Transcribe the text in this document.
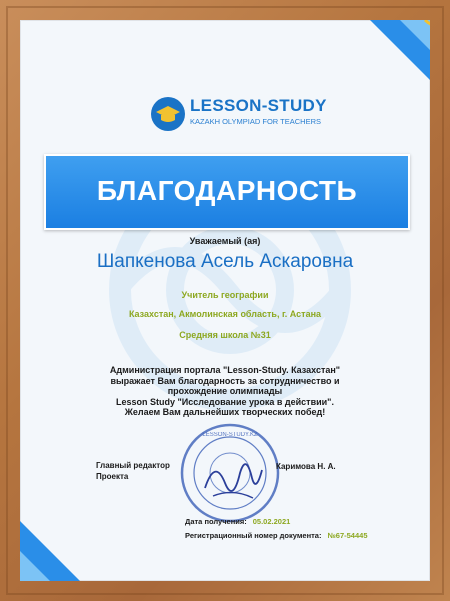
LESSON-STUDY
KAZAKH OLYMPIAD FOR TEACHERS
БЛАГОДАРНОСТЬ
Уважаемый (ая)
Шапкенова Асель Аскаровна
Учитель географии
Казахстан, Акмолинская область, г. Астана
Средняя школа №31
Администрация портала "Lesson-Study. Казахстан"
выражает Вам благодарность за сотрудничество и
прохождение олимпиады
Lesson Study "Исследование урока в действии".
Желаем Вам дальнейших творческих побед!
Главный редактор
Проекта
LESSON-STUDY.KZ
Каримова Н. А.
Дата получения: 05.02.2021
Регистрационный номер документа: №67-54445
